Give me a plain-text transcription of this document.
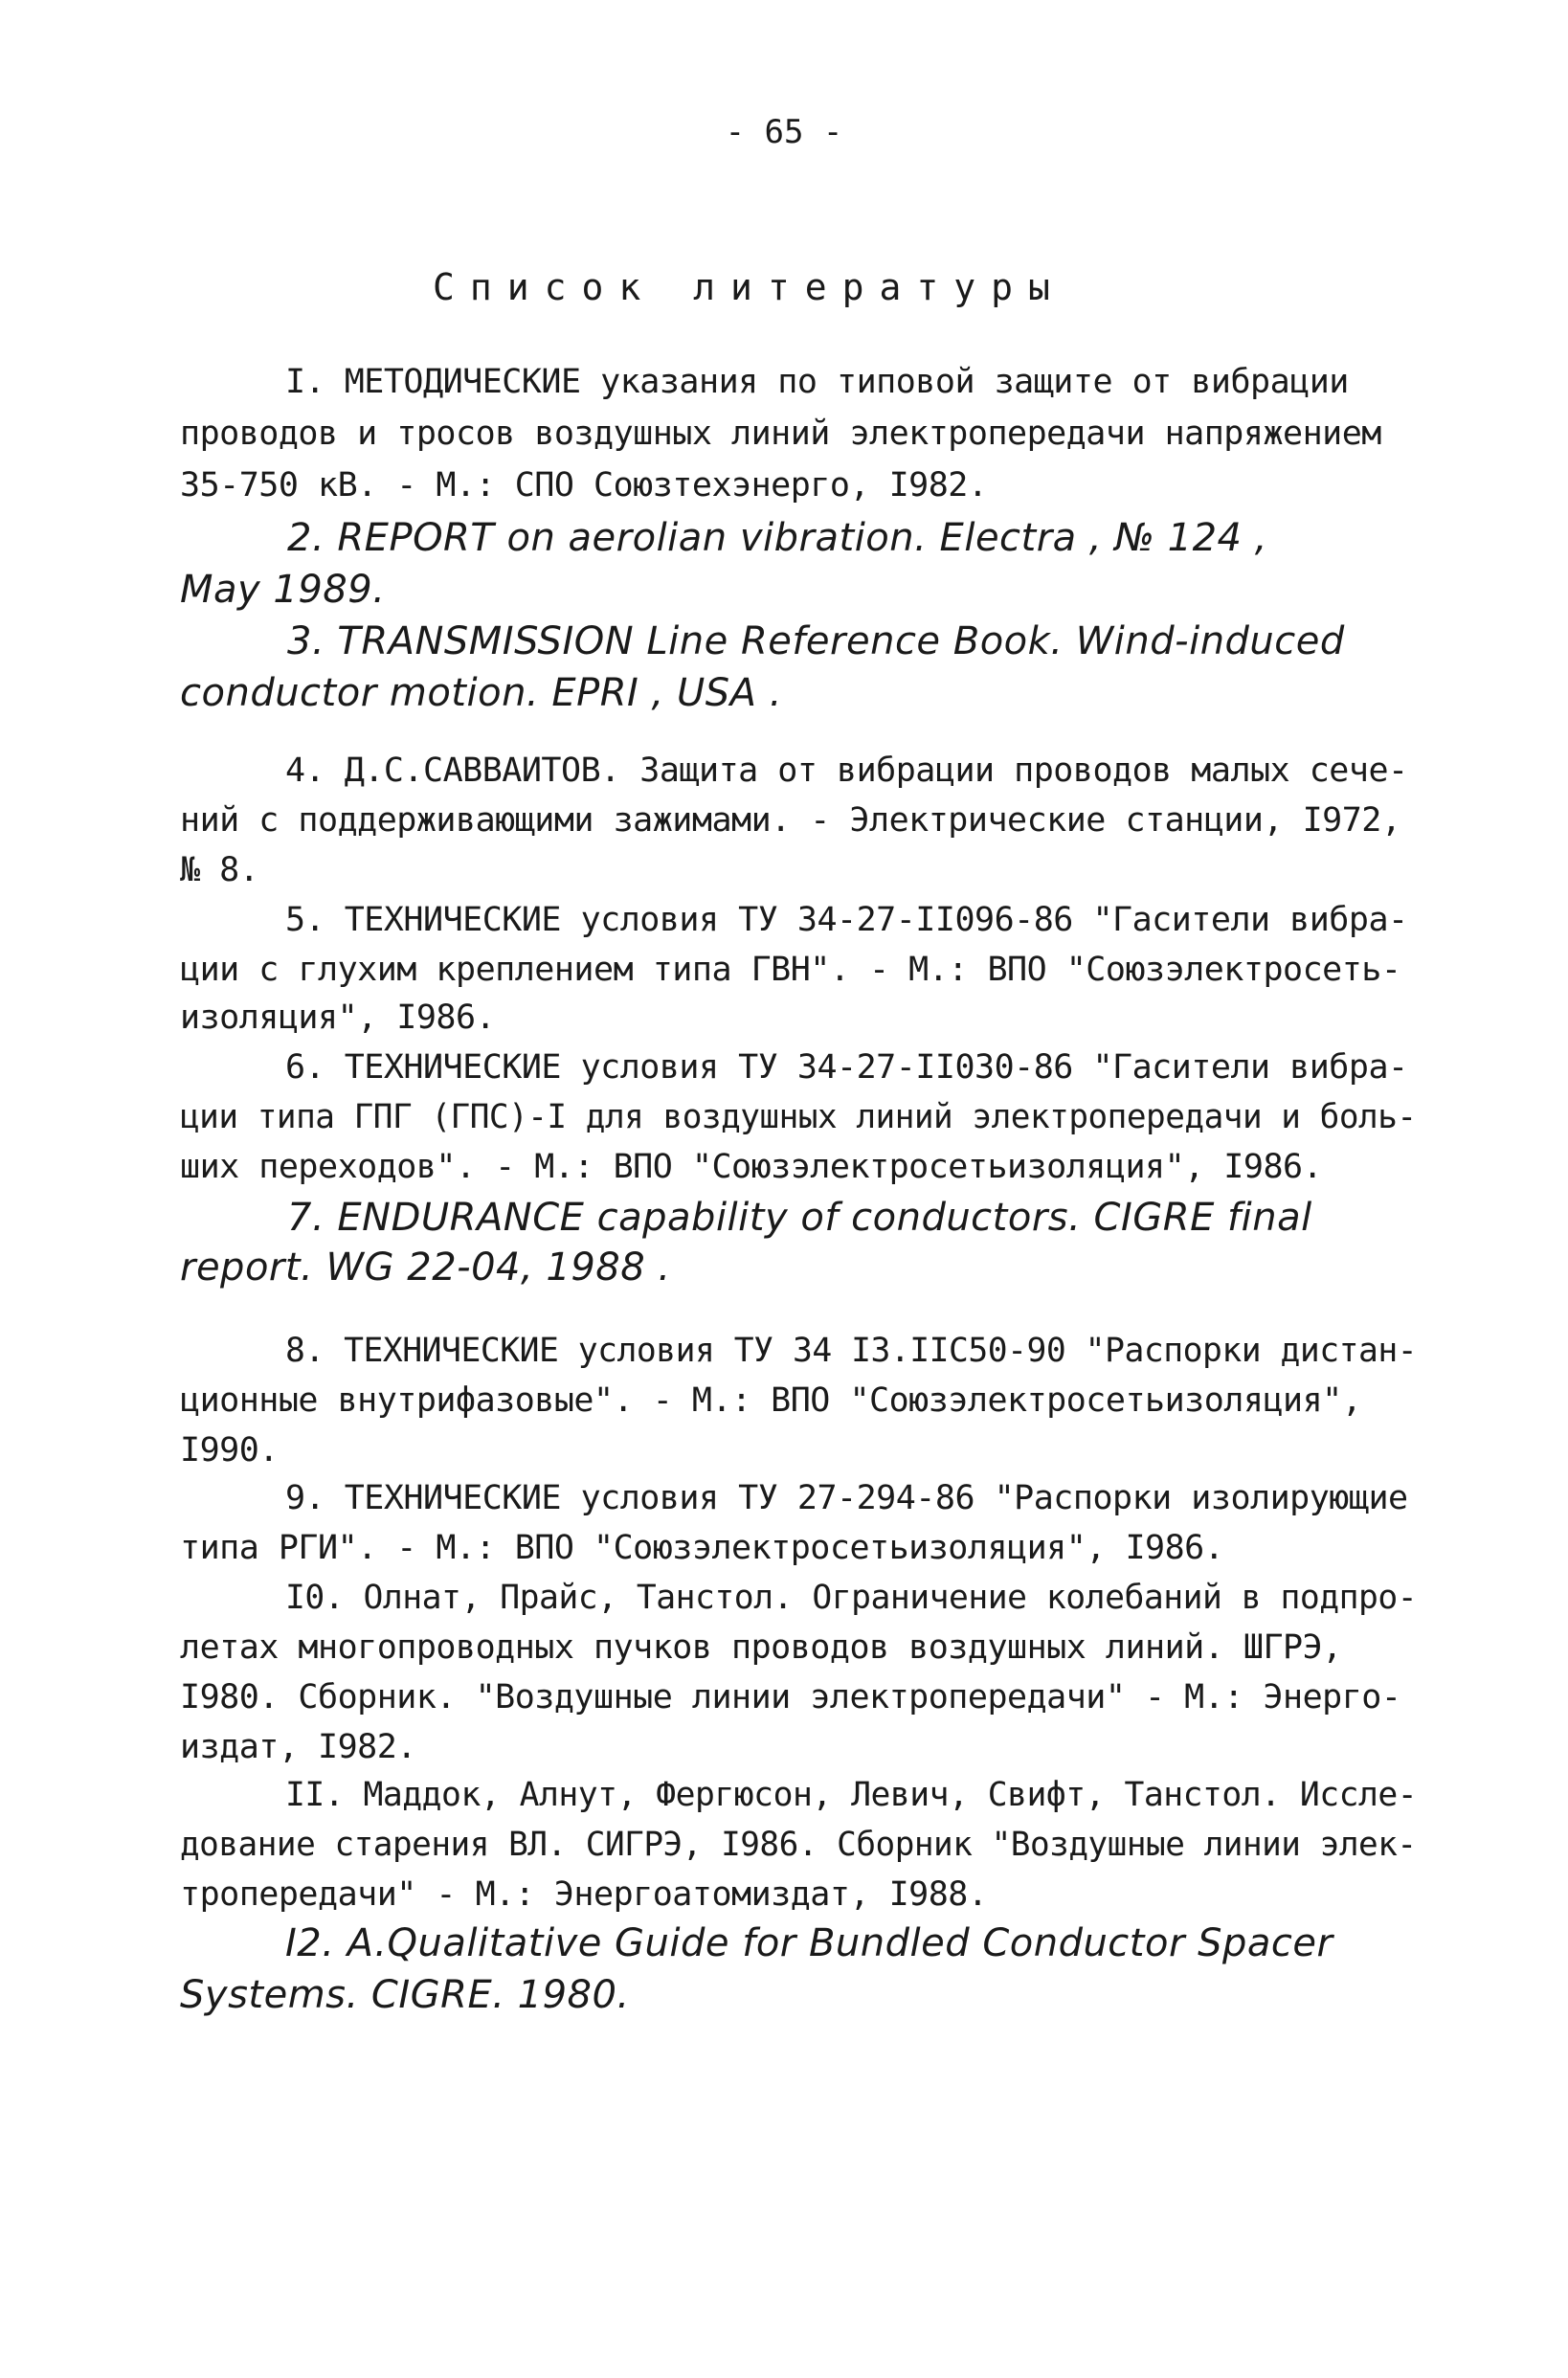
- 65 -
Список литературы
I. МЕТОДИЧЕСКИЕ указания по типовой защите от вибрации
проводов и тросов воздушных линий электропередачи напряжением
35-750 кВ. - М.: СПО Союзтехэнерго, I982.
2. REPORT on aerolian vibration. Electra , № 124 ,
May 1989.
3. TRANSMISSION Line Reference Book. Wind-induced
conductor motion. EPRI , USA .
4. Д.С.САВВАИТОВ. Защита от вибрации проводов малых сече-
ний с поддерживающими зажимами. - Электрические станции, I972,
№ 8.
5. ТЕХНИЧЕСКИЕ условия ТУ 34-27-II096-86 "Гасители вибра-
ции с глухим креплением типа ГВН". - М.: ВПО "Союзэлектросеть-
изоляция", I986.
6. ТЕХНИЧЕСКИЕ условия ТУ 34-27-II030-86 "Гасители вибра-
ции типа ГПГ (ГПС)-I для воздушных линий электропередачи и боль-
ших переходов". - М.: ВПО "Союзэлектросетьизоляция", I986.
7. ENDURANCE capability of conductors. CIGRE final
report. WG 22-04, 1988 .
8. ТЕХНИЧЕСКИЕ условия ТУ 34 I3.IIС50-90 "Распорки дистан-
ционные внутрифазовые". - М.: ВПО "Союзэлектросетьизоляция",
I990.
9. ТЕХНИЧЕСКИЕ условия ТУ 27-294-86 "Распорки изолирующие
типа РГИ". - М.: ВПО "Союзэлектросетьизоляция", I986.
I0. Олнат, Прайс, Танстол. Ограничение колебаний в подпро-
летах многопроводных пучков проводов воздушных линий. ШГРЭ,
I980. Сборник. "Воздушные линии электропередачи" - М.: Энерго-
издат, I982.
II. Маддок, Алнут, Фергюсон, Левич, Свифт, Танстол. Иссле-
дование старения ВЛ. СИГРЭ, I986. Сборник "Воздушные линии элек-
тропередачи" - М.: Энергоатомиздат, I988.
I2. A.Qualitative Guide for Bundled Conductor Spacer
Systems. CIGRE. 1980.
